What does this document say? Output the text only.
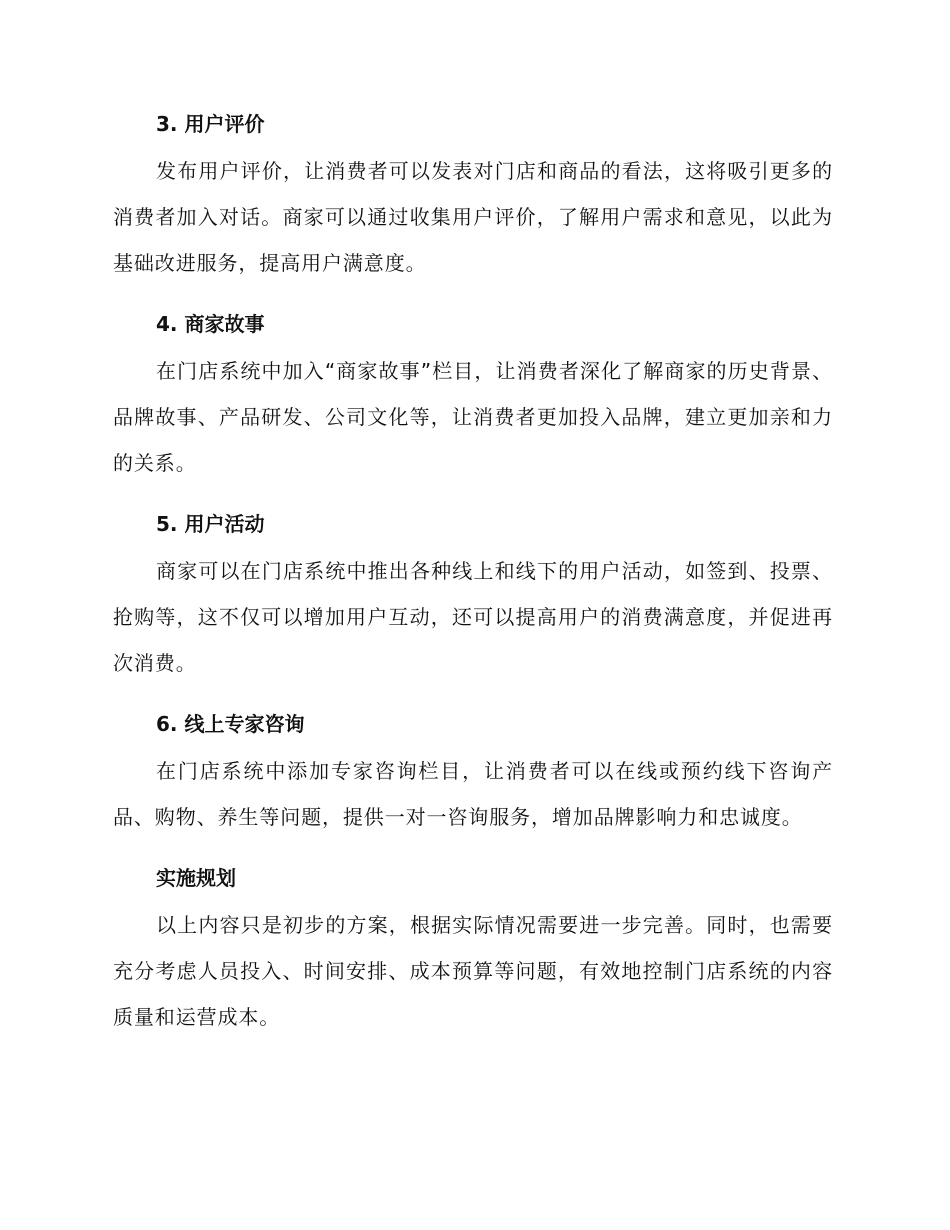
3. 用户评价

发布用户评价，让消费者可以发表对门店和商品的看法，这将吸引更多的消费者加入对话。商家可以通过收集用户评价，了解用户需求和意见，以此为基础改进服务，提高用户满意度。

4. 商家故事

在门店系统中加入“商家故事”栏目，让消费者深化了解商家的历史背景、品牌故事、产品研发、公司文化等，让消费者更加投入品牌，建立更加亲和力的关系。

5. 用户活动

商家可以在门店系统中推出各种线上和线下的用户活动，如签到、投票、抢购等，这不仅可以增加用户互动，还可以提高用户的消费满意度，并促进再次消费。

6. 线上专家咨询

在门店系统中添加专家咨询栏目，让消费者可以在线或预约线下咨询产品、购物、养生等问题，提供一对一咨询服务，增加品牌影响力和忠诚度。

实施规划

以上内容只是初步的方案，根据实际情况需要进一步完善。同时，也需要充分考虑人员投入、时间安排、成本预算等问题，有效地控制门店系统的内容质量和运营成本。
